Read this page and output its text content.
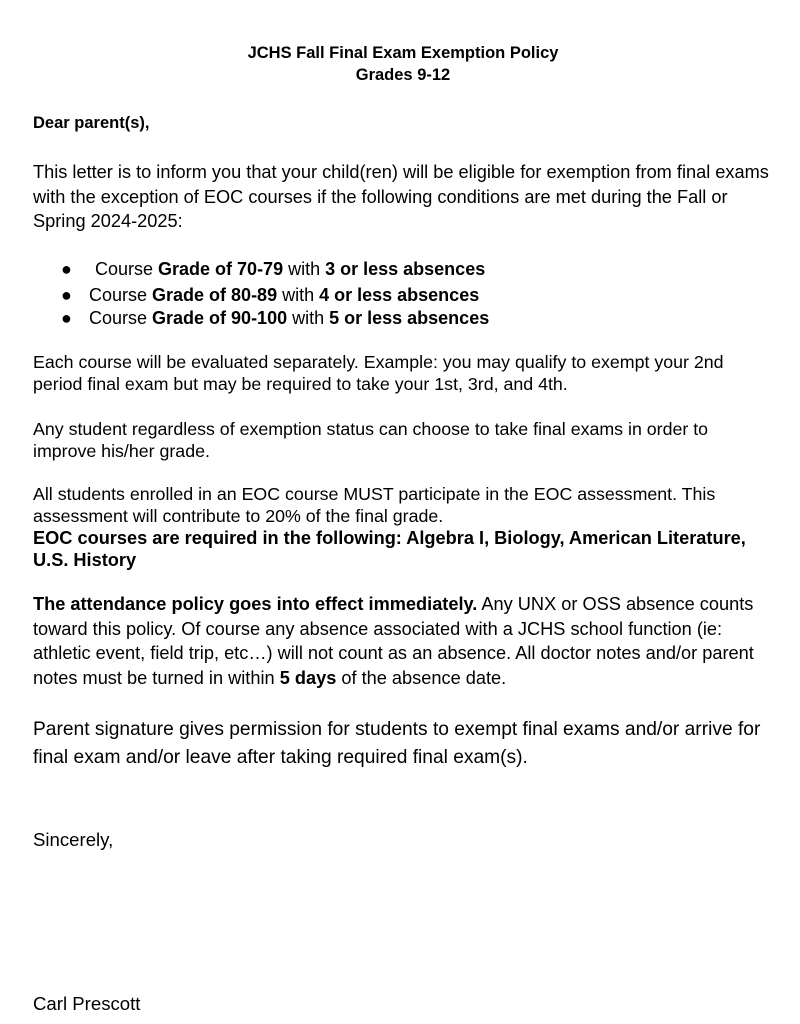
JCHS Fall Final Exam Exemption Policy
Grades 9-12

Dear parent(s),

This letter is to inform you that your child(ren) will be eligible for exemption from final exams with the exception of EOC courses if the following conditions are met during the Fall or Spring 2024-2025:

● Course Grade of 70-79 with 3 or less absences
● Course Grade of 80-89 with 4 or less absences
● Course Grade of 90-100 with 5 or less absences

Each course will be evaluated separately. Example: you may qualify to exempt your 2nd period final exam but may be required to take your 1st, 3rd, and 4th.

Any student regardless of exemption status can choose to take final exams in order to improve his/her grade.

All students enrolled in an EOC course MUST participate in the EOC assessment. This assessment will contribute to 20% of the final grade.

EOC courses are required in the following: Algebra I, Biology, American Literature, U.S. History

The attendance policy goes into effect immediately. Any UNX or OSS absence counts toward this policy. Of course any absence associated with a JCHS school function (ie: athletic event, field trip, etc…) will not count as an absence. All doctor notes and/or parent notes must be turned in within 5 days of the absence date.

Parent signature gives permission for students to exempt final exams and/or arrive for final exam and/or leave after taking required final exam(s).

Sincerely,

Carl Prescott
